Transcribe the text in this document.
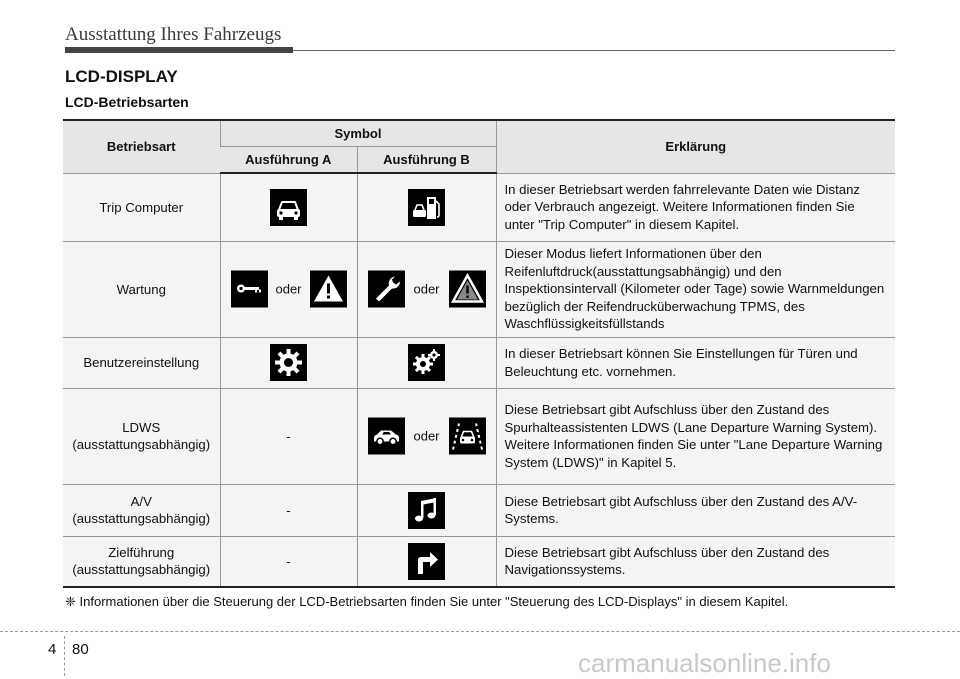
Ausstattung Ihres Fahrzeugs
LCD-DISPLAY
LCD-Betriebsarten
Betriebsart	Symbol		Erklärung
	Ausführung A	Ausführung B	
Trip Computer			In dieser Betriebsart werden fahrrelevante Daten wie Distanz oder Verbrauch angezeigt. Weitere Informationen finden Sie unter "Trip Computer" in diesem Kapitel.
Wartung	oder	oder	Dieser Modus liefert Informationen über den Reifenluftdruck(ausstattungsabhängig) und den Inspektionsintervall (Kilometer oder Tage) sowie Warnmeldungen bezüglich der Reifendrucküberwachung TPMS, des Waschflüssigkeitsfüllstands
Benutzereinstellung			In dieser Betriebsart können Sie Einstellungen für Türen und Beleuchtung etc. vornehmen.

LDWS
(ausstattungsabhängig)	-	oder	Diese Betriebsart gibt Aufschluss über den Zustand des Spurhalteassistenten LDWS (Lane Departure Warning System). Weitere Informationen finden Sie unter "Lane Departure Warning System (LDWS)" in Kapitel 5.

A/V
(ausstattungsabhängig)	-		Diese Betriebsart gibt Aufschluss über den Zustand des A/V-Systems.

Zielführung
(ausstattungsabhängig)	-		Diese Betriebsart gibt Aufschluss über den Zustand des Navigationssystems.
❈ Informationen über die Steuerung der LCD-Betriebsarten finden Sie unter "Steuerung des LCD-Displays" in diesem Kapitel.
4 80	carmanualsonline.info
